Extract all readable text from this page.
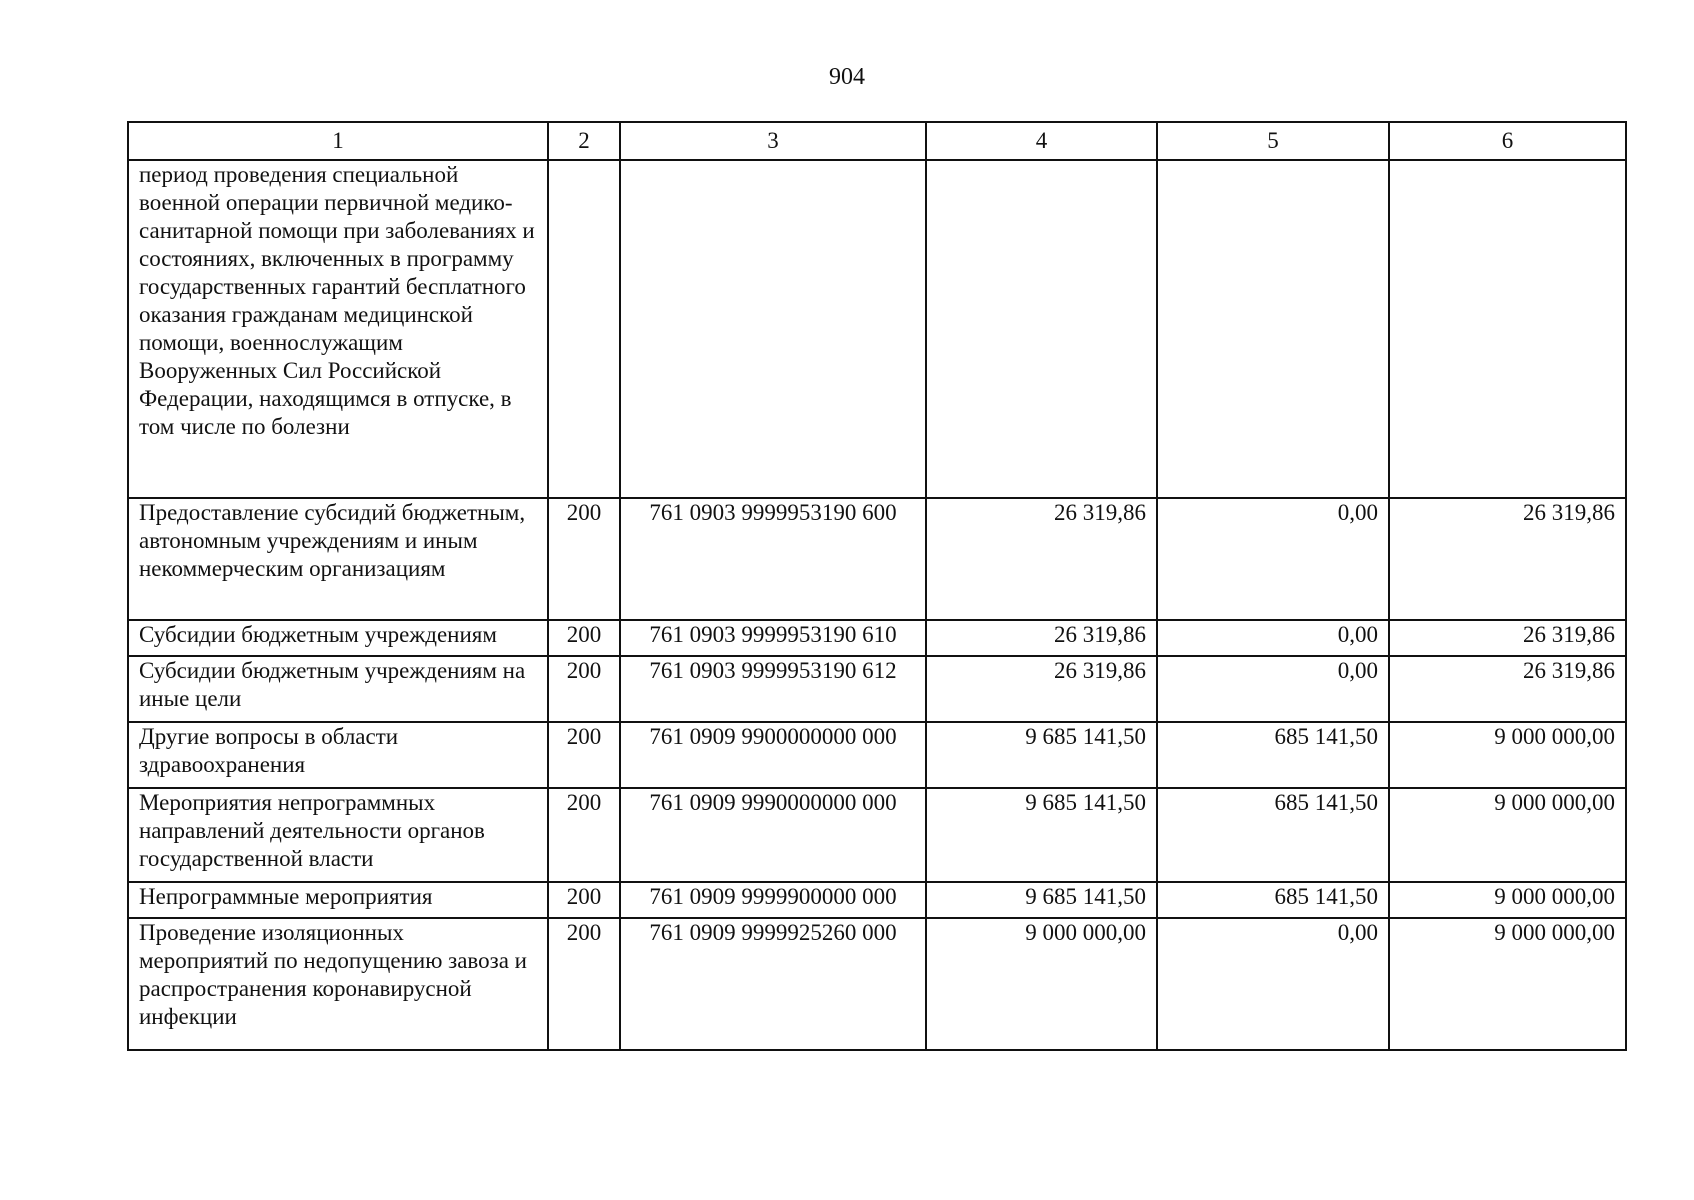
904
1	2	3	4	5	6
период проведения специальной военной операции первичной медико-санитарной помощи при заболеваниях и состояниях, включенных в программу государственных гарантий бесплатного оказания гражданам медицинской помощи, военнослужащим Вооруженных Сил Российской Федерации, находящимся в отпуске, в том числе по болезни					
Предоставление субсидий бюджетным, автономным учреждениям и иным некоммерческим организациям	200	761 0903 9999953190 600	26 319,86	0,00	26 319,86
Субсидии бюджетным учреждениям	200	761 0903 9999953190 610	26 319,86	0,00	26 319,86
Субсидии бюджетным учреждениям на иные цели	200	761 0903 9999953190 612	26 319,86	0,00	26 319,86
Другие вопросы в области здравоохранения	200	761 0909 9900000000 000	9 685 141,50	685 141,50	9 000 000,00
Мероприятия непрограммных направлений деятельности органов государственной власти	200	761 0909 9990000000 000	9 685 141,50	685 141,50	9 000 000,00
Непрограммные мероприятия	200	761 0909 9999900000 000	9 685 141,50	685 141,50	9 000 000,00
Проведение изоляционных мероприятий по недопущению завоза и распространения коронавирусной инфекции	200	761 0909 9999925260 000	9 000 000,00	0,00	9 000 000,00
